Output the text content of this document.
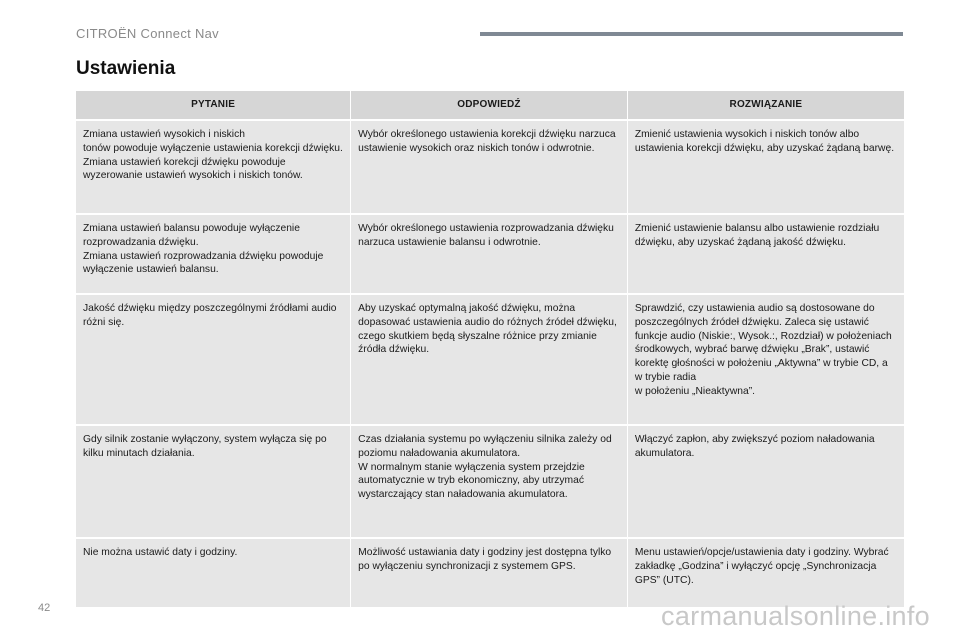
CITROËN Connect Nav
Ustawienia
PYTANIE	ODPOWIEDŹ	ROZWIĄZANIE
Zmiana ustawień wysokich i niskich
tonów powoduje wyłączenie ustawienia korekcji dźwięku.
Zmiana ustawień korekcji dźwięku powoduje wyzerowanie ustawień wysokich i niskich tonów.	Wybór określonego ustawienia korekcji dźwięku narzuca ustawienie wysokich oraz niskich tonów i odwrotnie.	Zmienić ustawienia wysokich i niskich tonów albo ustawienia korekcji dźwięku, aby uzyskać żądaną barwę.
Zmiana ustawień balansu powoduje wyłączenie rozprowadzania dźwięku.
Zmiana ustawień rozprowadzania dźwięku powoduje wyłączenie ustawień balansu.	Wybór określonego ustawienia rozprowadzania dźwięku narzuca ustawienie balansu i odwrotnie.	Zmienić ustawienie balansu albo ustawienie rozdziału dźwięku, aby uzyskać żądaną jakość dźwięku.
Jakość dźwięku między poszczególnymi źródłami audio różni się.	Aby uzyskać optymalną jakość dźwięku, można dopasować ustawienia audio do różnych źródeł dźwięku, czego skutkiem będą słyszalne różnice przy zmianie źródła dźwięku.	Sprawdzić, czy ustawienia audio są dostosowane do poszczególnych źródeł dźwięku. Zaleca się ustawić funkcje audio (Niskie:, Wysok.:, Rozdział) w położeniach środkowych, wybrać barwę dźwięku „Brak”, ustawić korektę głośności w położeniu „Aktywna” w trybie CD, a w trybie radia
w położeniu „Nieaktywna”.
Gdy silnik zostanie wyłączony, system wyłącza się po kilku minutach działania.	Czas działania systemu po wyłączeniu silnika zależy od poziomu naładowania akumulatora.
W normalnym stanie wyłączenia system przejdzie automatycznie w tryb ekonomiczny, aby utrzymać wystarczający stan naładowania akumulatora.	Włączyć zapłon, aby zwiększyć poziom naładowania akumulatora.
Nie można ustawić daty i godziny.	Możliwość ustawiania daty i godziny jest dostępna tylko po wyłączeniu synchronizacji z systemem GPS.	Menu ustawień/opcje/ustawienia daty i godziny. Wybrać zakładkę „Godzina” i wyłączyć opcję „Synchronizacja GPS” (UTC).
42	carmanualsonline.info
